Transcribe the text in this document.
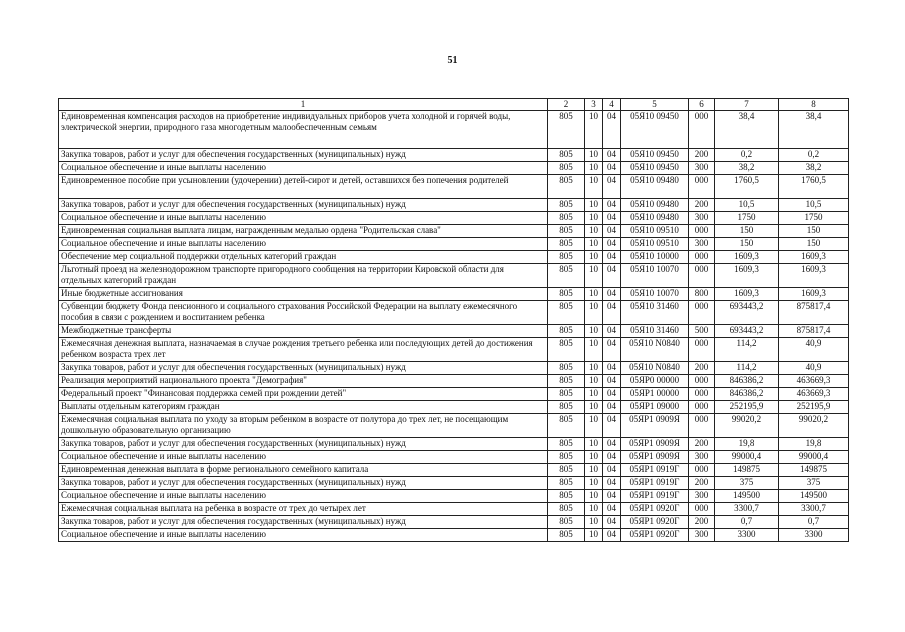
51
1	2	3	4	5	6	7	8
Единовременная компенсация расходов на приобретение индивидуальных приборов учета холодной и горячей воды, электрической энергии, природного газа многодетным малообеспеченным семьям	805	10	04	05Я10 09450	000	38,4	38,4
Закупка товаров, работ и услуг для обеспечения государственных (муниципальных) нужд	805	10	04	05Я10 09450	200	0,2	0,2
Социальное обеспечение и иные выплаты населению	805	10	04	05Я10 09450	300	38,2	38,2
Единовременное пособие при усыновлении (удочерении) детей-сирот и детей, оставшихся без попечения родителей	805	10	04	05Я10 09480	000	1760,5	1760,5
Закупка товаров, работ и услуг для обеспечения государственных (муниципальных) нужд	805	10	04	05Я10 09480	200	10,5	10,5
Социальное обеспечение и иные выплаты населению	805	10	04	05Я10 09480	300	1750	1750
Единовременная социальная выплата лицам, награжденным медалью ордена "Родительская слава"	805	10	04	05Я10 09510	000	150	150
Социальное обеспечение и иные выплаты населению	805	10	04	05Я10 09510	300	150	150
Обеспечение мер социальной поддержки отдельных категорий граждан	805	10	04	05Я10 10000	000	1609,3	1609,3
Льготный проезд на железнодорожном транспорте пригородного сообщения на территории Кировской области для отдельных категорий граждан	805	10	04	05Я10 10070	000	1609,3	1609,3
Иные бюджетные ассигнования	805	10	04	05Я10 10070	800	1609,3	1609,3
Субвенции бюджету Фонда пенсионного и социального страхования Российской Федерации на выплату ежемесячного пособия в связи с рождением и воспитанием ребенка	805	10	04	05Я10 31460	000	693443,2	875817,4
Межбюджетные трансферты	805	10	04	05Я10 31460	500	693443,2	875817,4
Ежемесячная денежная выплата, назначаемая в случае рождения третьего ребенка или последующих детей до достижения ребенком возраста трех лет	805	10	04	05Я10 N0840	000	114,2	40,9
Закупка товаров, работ и услуг для обеспечения государственных (муниципальных) нужд	805	10	04	05Я10 N0840	200	114,2	40,9
Реализация мероприятий национального проекта "Демография"	805	10	04	05ЯР0 00000	000	846386,2	463669,3
Федеральный проект "Финансовая поддержка семей при рождении детей"	805	10	04	05ЯР1 00000	000	846386,2	463669,3
Выплаты отдельным категориям граждан	805	10	04	05ЯР1 09000	000	252195,9	252195,9
Ежемесячная социальная выплата по уходу за вторым ребенком в возрасте от полутора до трех лет, не посещающим дошкольную образовательную организацию	805	10	04	05ЯР1 0909Я	000	99020,2	99020,2
Закупка товаров, работ и услуг для обеспечения государственных (муниципальных) нужд	805	10	04	05ЯР1 0909Я	200	19,8	19,8
Социальное обеспечение и иные выплаты населению	805	10	04	05ЯР1 0909Я	300	99000,4	99000,4
Единовременная денежная выплата в форме регионального семейного капитала	805	10	04	05ЯР1 0919Г	000	149875	149875
Закупка товаров, работ и услуг для обеспечения государственных (муниципальных) нужд	805	10	04	05ЯР1 0919Г	200	375	375
Социальное обеспечение и иные выплаты населению	805	10	04	05ЯР1 0919Г	300	149500	149500
Ежемесячная социальная выплата на ребенка в возрасте от трех до четырех лет	805	10	04	05ЯР1 0920Г	000	3300,7	3300,7
Закупка товаров, работ и услуг для обеспечения государственных (муниципальных) нужд	805	10	04	05ЯР1 0920Г	200	0,7	0,7
Социальное обеспечение и иные выплаты населению	805	10	04	05ЯР1 0920Г	300	3300	3300
